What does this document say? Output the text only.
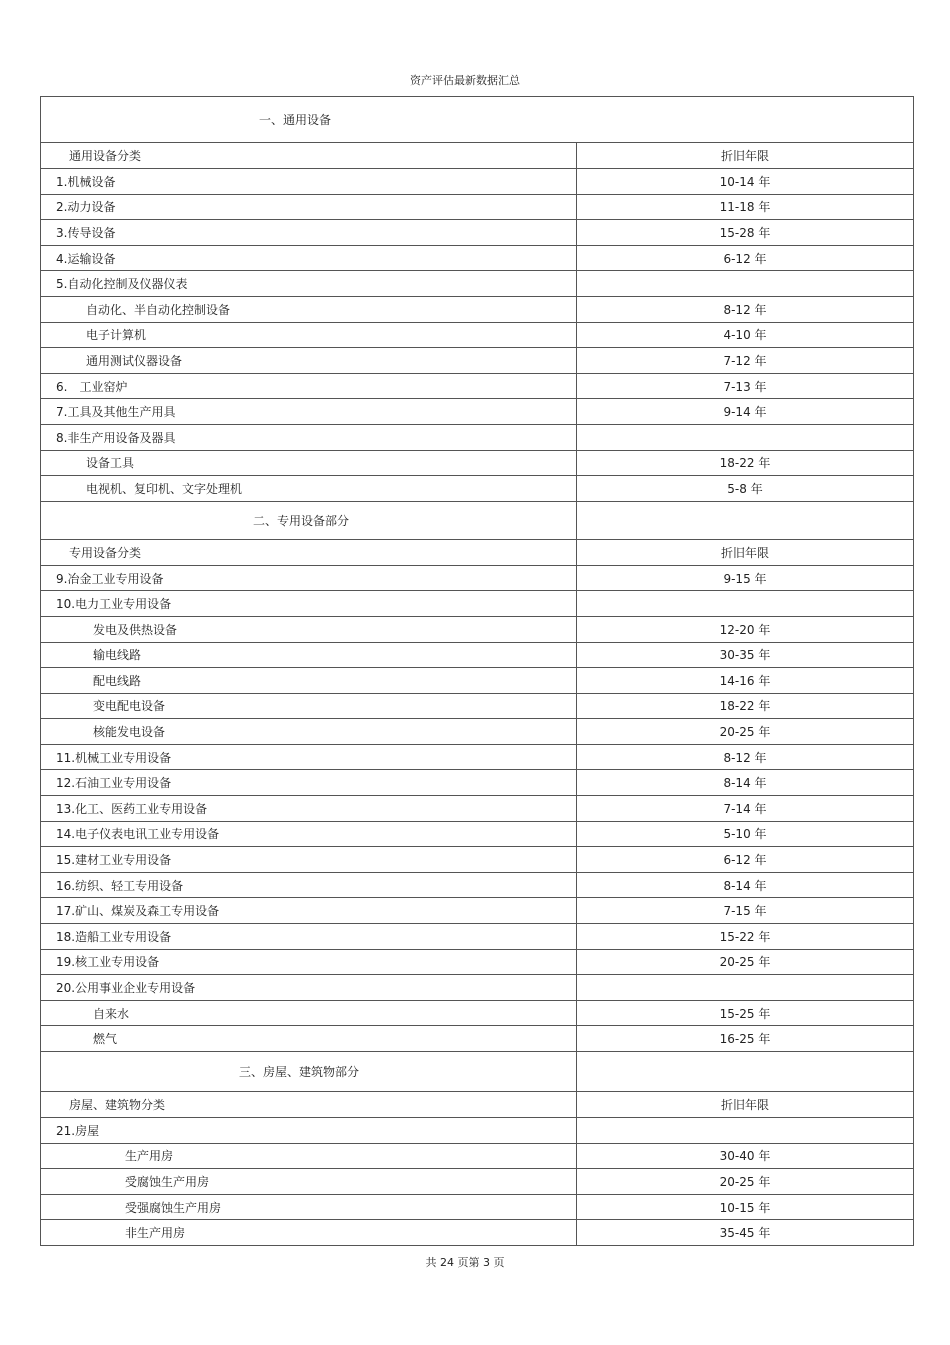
资产评估最新数据汇总
一、通用设备	
通用设备分类	折旧年限
1.机械设备	10-14 年
2.动力设备	11-18 年
3.传导设备	15-28 年
4.运输设备	6-12 年
5.自动化控制及仪器仪表	
自动化、半自动化控制设备	8-12 年
电子计算机	4-10 年
通用测试仪器设备	7-12 年
6.　工业窑炉	7-13 年
7.工具及其他生产用具	9-14 年
8.非生产用设备及器具	
设备工具	18-22 年
电视机、复印机、文字处理机	5-8 年
二、专用设备部分	
专用设备分类	折旧年限
9.冶金工业专用设备	9-15 年
10.电力工业专用设备	
发电及供热设备	12-20 年
输电线路	30-35 年
配电线路	14-16 年
变电配电设备	18-22 年
核能发电设备	20-25 年
11.机械工业专用设备	8-12 年
12.石油工业专用设备	8-14 年
13.化工、医药工业专用设备	7-14 年
14.电子仪表电讯工业专用设备	5-10 年
15.建材工业专用设备	6-12 年
16.纺织、轻工专用设备	8-14 年
17.矿山、煤炭及森工专用设备	7-15 年
18.造船工业专用设备	15-22 年
19.核工业专用设备	20-25 年
20.公用事业企业专用设备	
自来水	15-25 年
燃气	16-25 年
三、房屋、建筑物部分	
房屋、建筑物分类	折旧年限
21.房屋	
生产用房	30-40 年
受腐蚀生产用房	20-25 年
受强腐蚀生产用房	10-15 年
非生产用房	35-45 年
共 24 页第 3 页
